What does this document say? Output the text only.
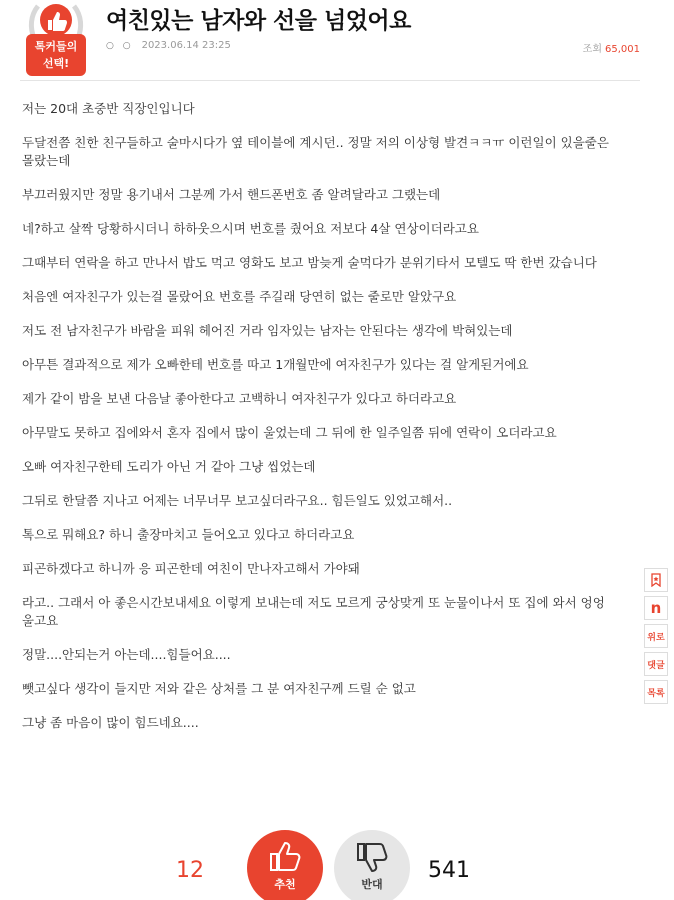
톡커들의
선택!
여친있는 남자와 선을 넘었어요
○ ○ 2023.06.14 23:25	조회 65,001

저는 20대 초중반 직장인입니다

두달전쯤 친한 친구들하고 술마시다가 옆 테이블에 계시던.. 정말 저의 이상형 발견ㅋㅋㅠ 이런일이 있을줄은 몰랐는데

부끄러웠지만 정말 용기내서 그분께 가서 핸드폰번호 좀 알려달라고 그랬는데

네?하고 살짝 당황하시더니 하하웃으시며 번호를 줬어요 저보다 4살 연상이더라고요

그때부터 연락을 하고 만나서 밥도 먹고 영화도 보고 밤늦게 술먹다가 분위기타서 모텔도 딱 한번 갔습니다

처음엔 여자친구가 있는걸 몰랐어요 번호를 주길래 당연히 없는 줄로만 알았구요

저도 전 남자친구가 바람을 피워 헤어진 거라 임자있는 남자는 안된다는 생각에 박혀있는데

아무튼 결과적으로 제가 오빠한테 번호를 따고 1개월만에 여자친구가 있다는 걸 알게된거에요

제가 같이 밤을 보낸 다음날 좋아한다고 고백하니 여자친구가 있다고 하더라고요

아무말도 못하고 집에와서 혼자 집에서 많이 울었는데 그 뒤에 한 일주일쯤 뒤에 연락이 오더라고요

오빠 여자친구한테 도리가 아닌 거 같아 그냥 씹었는데

그뒤로 한달쯤 지나고 어제는 너무너무 보고싶더라구요.. 힘든일도 있었고해서..

톡으로 뭐해요? 하니 출장마치고 들어오고 있다고 하더라고요

피곤하겠다고 하니까 응 피곤한데 여친이 만나자고해서 가야돼

라고.. 그래서 아 좋은시간보내세요 이렇게 보내는데 저도 모르게 궁상맞게 또 눈물이나서 또 집에 와서 엉엉 울고요

정말....안되는거 아는데....힘들어요....

뺏고싶다 생각이 들지만 저와 같은 상처를 그 분 여자친구께 드릴 순 없고

그냥 좀 마음이 많이 힘드네요....

n
위로
댓글
목록
12
추천	반대
541
